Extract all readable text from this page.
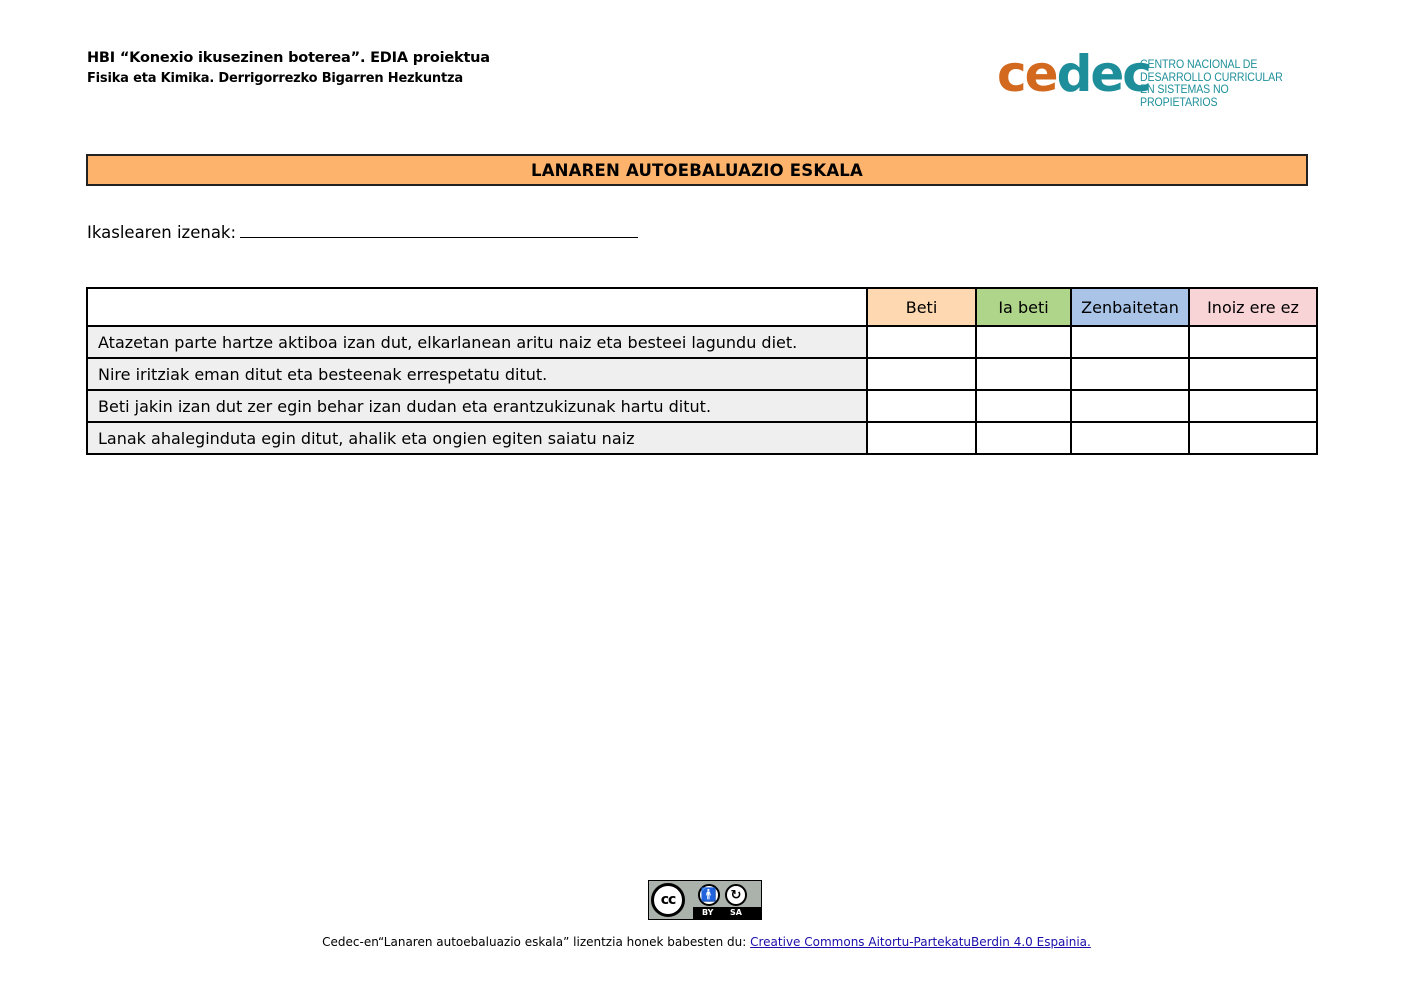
HBI “Konexio ikusezinen boterea”. EDIA proiektua
Fisika eta Kimika. Derrigorrezko Bigarren Hezkuntza	cedec
CENTRO NACIONAL DE
DESARROLLO CURRICULAR
EN SISTEMAS NO PROPIETARIOS
LANAREN AUTOEBALUAZIO ESKALA
Ikaslearen izenak:
	Beti	Ia beti	Zenbaitetan	Inoiz ere ez
Atazetan parte hartze aktiboa izan dut, elkarlanean aritu naiz eta besteei lagundu diet.				
Nire iritziak eman ditut eta besteenak errespetatu ditut.				
Beti jakin izan dut zer egin behar izan dudan eta erantzukizunak hartu ditut.				
Lanak ahaleginduta egin ditut, ahalik eta ongien egiten saiatu naiz				
cc	🚹	↻
BY SA
Cedec-en“Lanaren autoebaluazio eskala” lizentzia honek babesten du: Creative Commons Aitortu-PartekatuBerdin 4.0 Espainia.
